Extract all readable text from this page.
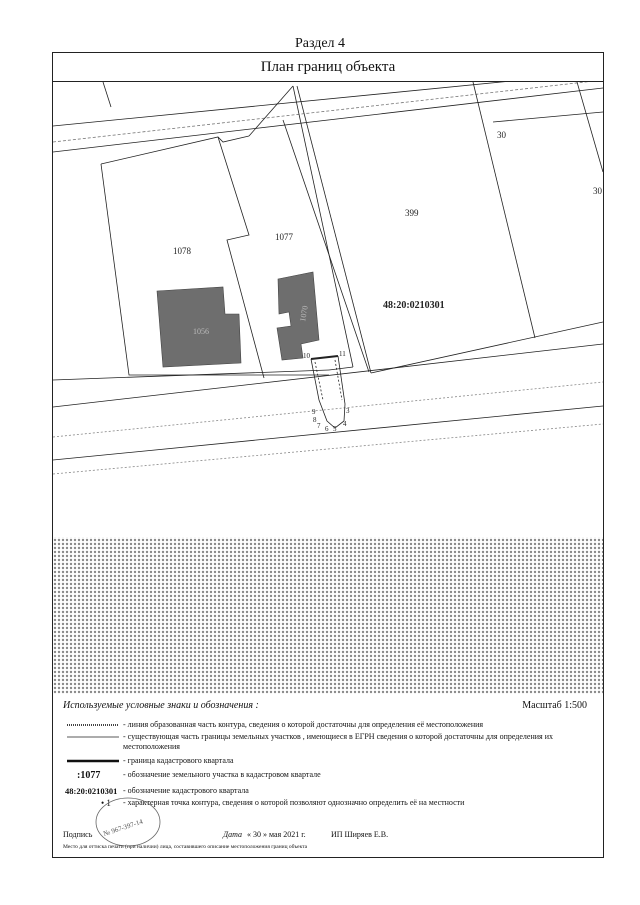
Раздел 4
План границ объекта
30
399
1078
1077
30
1056
1070	48:20:0210301
10	11
9
8
7 6 5
4
3
Используемые условные знаки и обозначения :	Масштаб 1:500
- линия образованная часть контура, сведения о которой достаточны для определения её местоположения
- существующая часть границы земельных участков , имеющиеся в ЕГРН сведения о которой достаточны для определения их местоположения
- граница кадастрового квартала
:1077	- обозначение земельного участка в кадастровом квартале
48:20:0210301 - обозначение кадастрового квартала
• 1	- характерная точка контура, сведения о которой позволяют однозначно определить её на местности
№ 967-397-14
Подпись	Дата « 30 » мая 2021 г.	ИП Ширяев Е.В.
Место для оттиска печати (при наличии) лица, составившего описание местоположения границ объекта
